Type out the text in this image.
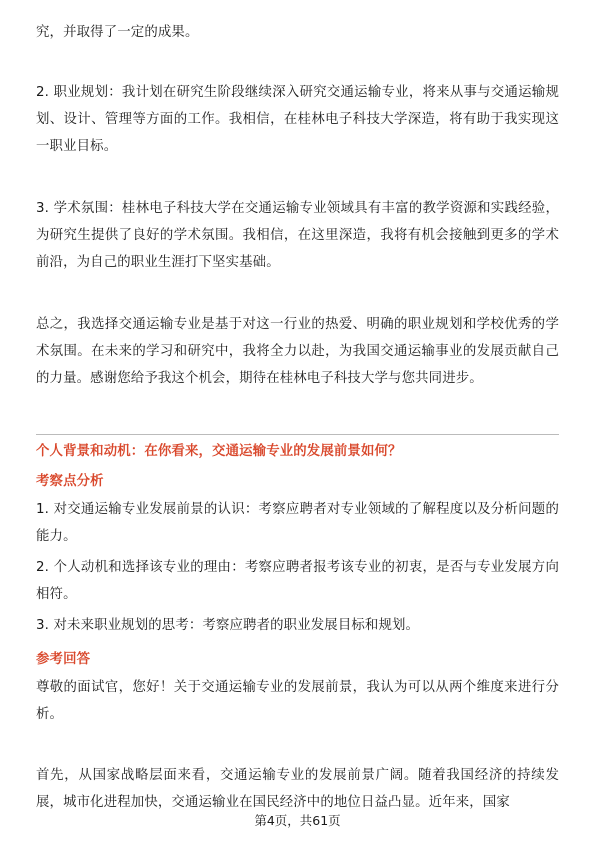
究，并取得了一定的成果。

2. 职业规划：我计划在研究生阶段继续深入研究交通运输专业，将来从事与交通运输规划、设计、管理等方面的工作。我相信，在桂林电子科技大学深造，将有助于我实现这一职业目标。

3. 学术氛围：桂林电子科技大学在交通运输专业领域具有丰富的教学资源和实践经验，为研究生提供了良好的学术氛围。我相信，在这里深造，我将有机会接触到更多的学术前沿，为自己的职业生涯打下坚实基础。

总之，我选择交通运输专业是基于对这一行业的热爱、明确的职业规划和学校优秀的学术氛围。在未来的学习和研究中，我将全力以赴，为我国交通运输事业的发展贡献自己的力量。感谢您给予我这个机会，期待在桂林电子科技大学与您共同进步。

个人背景和动机：在你看来，交通运输专业的发展前景如何？

考察点分析

1. 对交通运输专业发展前景的认识：考察应聘者对专业领域的了解程度以及分析问题的能力。

2. 个人动机和选择该专业的理由：考察应聘者报考该专业的初衷，是否与专业发展方向相符。

3. 对未来职业规划的思考：考察应聘者的职业发展目标和规划。

参考回答

尊敬的面试官，您好！关于交通运输专业的发展前景，我认为可以从两个维度来进行分析。

首先，从国家战略层面来看，交通运输专业的发展前景广阔。随着我国经济的持续发展，城市化进程加快，交通运输业在国民经济中的地位日益凸显。近年来，国家

第4页，共61页
